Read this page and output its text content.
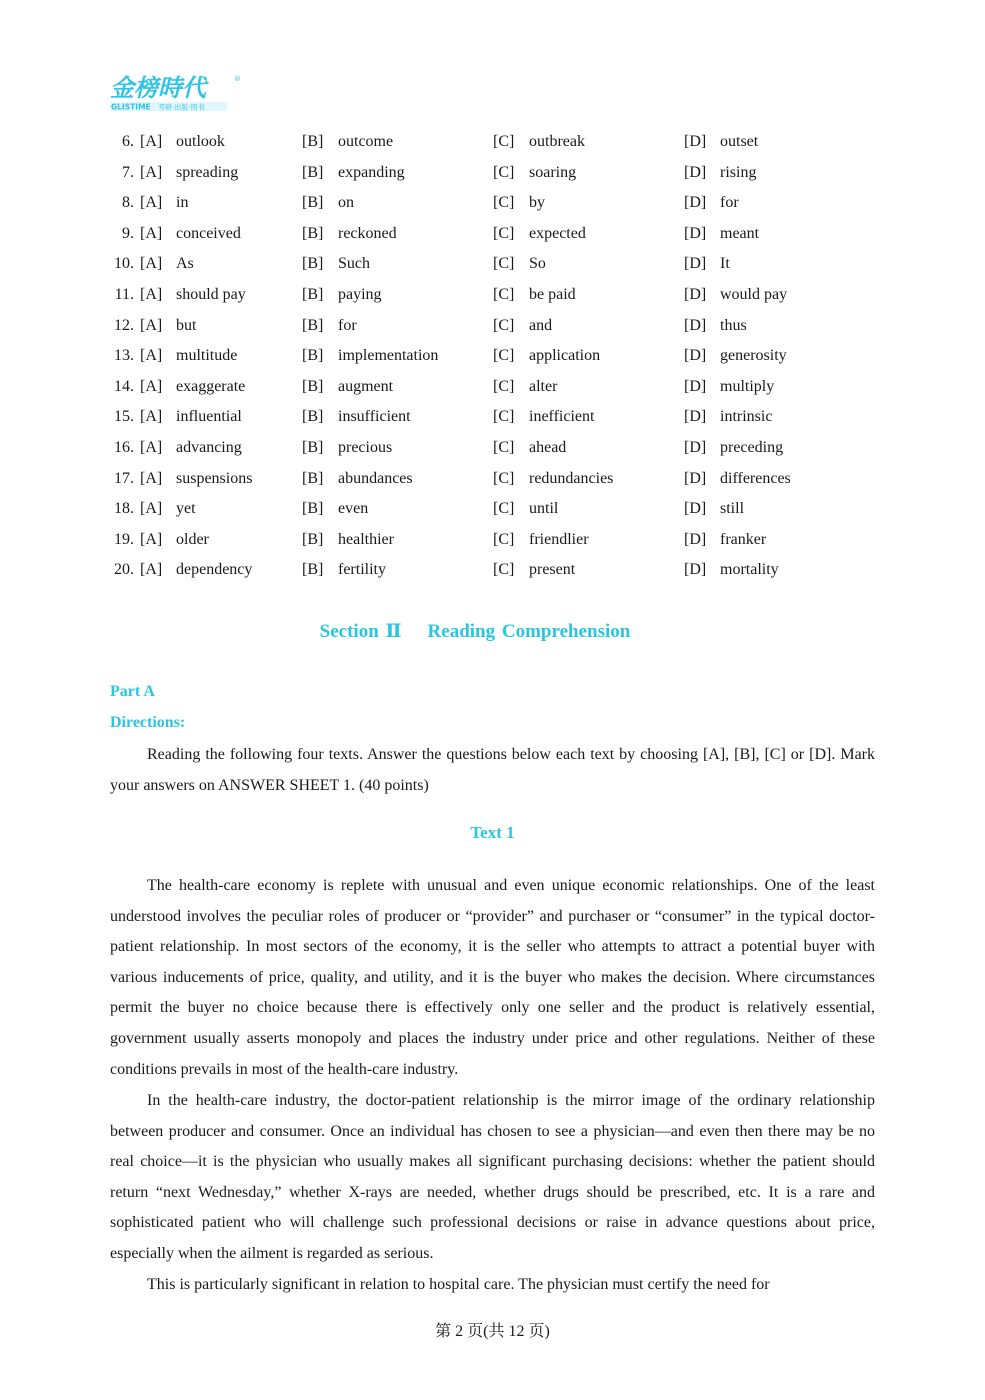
金榜時代	®
GLISTIME 考研·出版·图书
6. [A] outlook	[B] outcome	[C] outbreak	[D] outset
7. [A] spreading	[B] expanding	[C] soaring	[D] rising
8. [A] in	[B] on	[C] by	[D] for
9. [A] conceived	[B] reckoned	[C] expected	[D] meant
10. [A] As	[B] Such	[C] So	[D] It
11. [A] should pay	[B] paying	[C] be paid	[D] would pay
12. [A] but	[B] for	[C] and	[D] thus
13. [A] multitude	[B] implementation	[C] application	[D] generosity
14. [A] exaggerate	[B] augment	[C] alter	[D] multiply
15. [A] influential	[B] insufficient	[C] inefficient	[D] intrinsic
16. [A] advancing	[B] precious	[C] ahead	[D] preceding
17. [A] suspensions	[B] abundances	[C] redundancies	[D] differences
18. [A] yet	[B] even	[C] until	[D] still
19. [A] older	[B] healthier	[C] friendlier	[D] franker
20. [A] dependency	[B] fertility	[C] present	[D] mortality
Section Ⅱ Reading Comprehension
Part A
Directions:
Reading the following four texts. Answer the questions below each text by choosing [A], [B], [C] or [D]. Mark your answers on ANSWER SHEET 1. (40 points)
Text 1
The health-care economy is replete with unusual and even unique economic relationships. One of the least understood involves the peculiar roles of producer or “provider” and purchaser or “consumer” in the typical doctor-patient relationship. In most sectors of the economy, it is the seller who attempts to attract a potential buyer with various inducements of price, quality, and utility, and it is the buyer who makes the decision. Where circumstances permit the buyer no choice because there is effectively only one seller and the product is relatively essential, government usually asserts monopoly and places the industry under price and other regulations. Neither of these conditions prevails in most of the health-care industry.
In the health-care industry, the doctor-patient relationship is the mirror image of the ordinary relationship between producer and consumer. Once an individual has chosen to see a physician—and even then there may be no real choice—it is the physician who usually makes all significant purchasing decisions: whether the patient should return “next Wednesday,” whether X-rays are needed, whether drugs should be prescribed, etc. It is a rare and sophisticated patient who will challenge such professional decisions or raise in advance questions about price, especially when the ailment is regarded as serious.
This is particularly significant in relation to hospital care. The physician must certify the need for
第 2 页(共 12 页)
